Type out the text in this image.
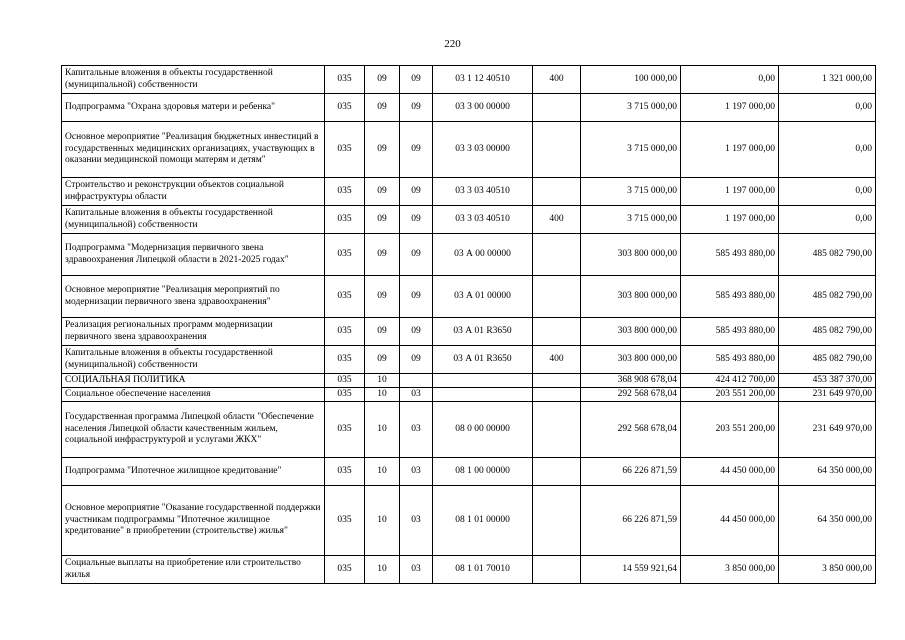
220
Капитальные вложения в объекты государственной (муниципальной) собственности	035	09	09	03 1 12 40510	400	100 000,00	0,00	1 321 000,00
Подпрограмма "Охрана здоровья матери и ребенка"	035	09	09	03 3 00 00000		3 715 000,00	1 197 000,00	0,00
Основное мероприятие "Реализация бюджетных инвестиций в государственных медицинских организациях, участвующих в оказании медицинской помощи матерям и детям"	035	09	09	03 3 03 00000		3 715 000,00	1 197 000,00	0,00
Строительство и реконструкции объектов социальной инфраструктуры области	035	09	09	03 3 03 40510		3 715 000,00	1 197 000,00	0,00
Капитальные вложения в объекты государственной (муниципальной) собственности	035	09	09	03 3 03 40510	400	3 715 000,00	1 197 000,00	0,00
Подпрограмма "Модернизация первичного звена здравоохранения Липецкой области в 2021-2025 годах"	035	09	09	03 А 00 00000		303 800 000,00	585 493 880,00	485 082 790,00
Основное мероприятие "Реализация мероприятий по модернизации первичного звена здравоохранения"	035	09	09	03 А 01 00000		303 800 000,00	585 493 880,00	485 082 790,00
Реализация региональных программ модернизации первичного звена здравоохранения	035	09	09	03 А 01 R3650		303 800 000,00	585 493 880,00	485 082 790,00
Капитальные вложения в объекты государственной (муниципальной) собственности	035	09	09	03 А 01 R3650	400	303 800 000,00	585 493 880,00	485 082 790,00
СОЦИАЛЬНАЯ ПОЛИТИКА	035	10				368 908 678,04	424 412 700,00	453 387 370,00
Социальное обеспечение населения	035	10	03			292 568 678,04	203 551 200,00	231 649 970,00
Государственная программа Липецкой области "Обеспечение населения Липецкой области качественным жильем, социальной инфраструктурой и услугами ЖКХ"	035	10	03	08 0 00 00000		292 568 678,04	203 551 200,00	231 649 970,00
Подпрограмма "Ипотечное жилищное кредитование"	035	10	03	08 1 00 00000		66 226 871,59	44 450 000,00	64 350 000,00
Основное мероприятие "Оказание государственной поддержки участникам подпрограммы "Ипотечное жилищное кредитование" в приобретении (строительстве) жилья"	035	10	03	08 1 01 00000		66 226 871,59	44 450 000,00	64 350 000,00
Социальные выплаты на приобретение или строительство жилья	035	10	03	08 1 01 70010		14 559 921,64	3 850 000,00	3 850 000,00
